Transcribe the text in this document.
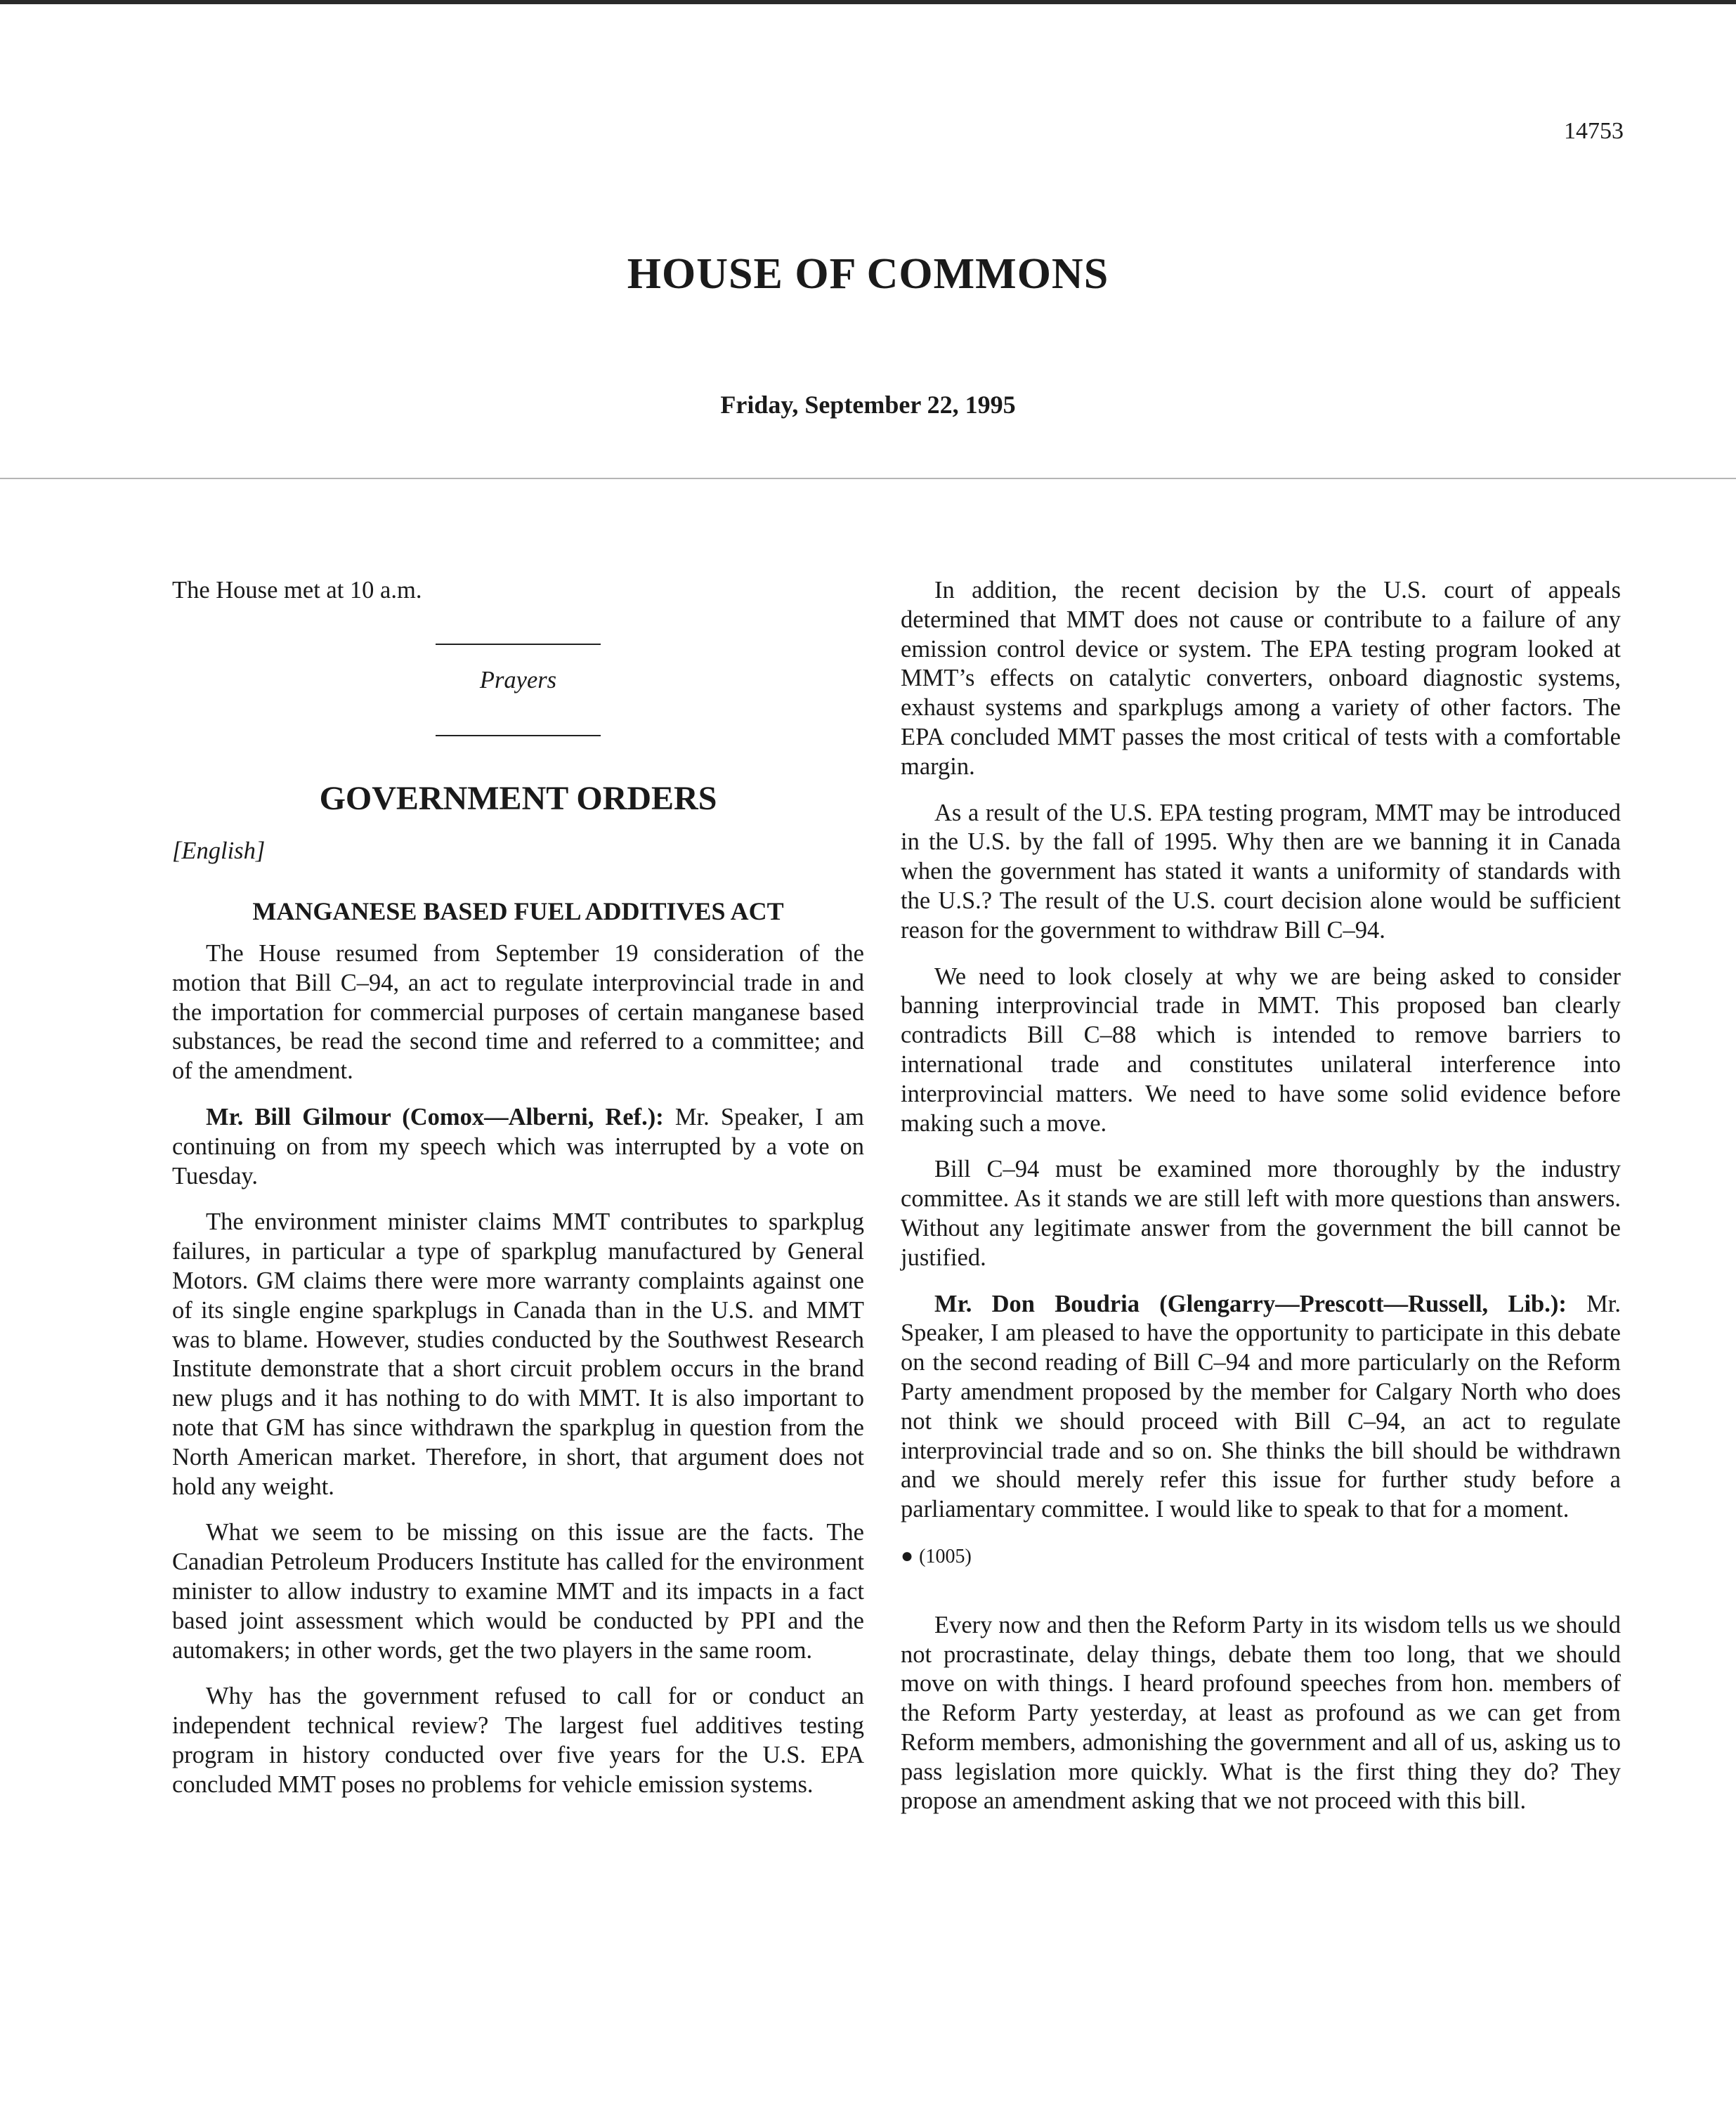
14753
HOUSE OF COMMONS
Friday, September 22, 1995

The House met at 10 a.m.

Prayers
GOVERNMENT ORDERS
[English]
MANGANESE BASED FUEL ADDITIVES ACT

The House resumed from September 19 consideration of the motion that Bill C–94, an act to regulate interprovincial trade in and the importation for commercial purposes of certain manganese based substances, be read the second time and referred to a committee; and of the amendment.

Mr. Bill Gilmour (Comox—Alberni, Ref.): Mr. Speaker, I am continuing on from my speech which was interrupted by a vote on Tuesday.

The environment minister claims MMT contributes to sparkplug failures, in particular a type of sparkplug manufactured by General Motors. GM claims there were more warranty complaints against one of its single engine sparkplugs in Canada than in the U.S. and MMT was to blame. However, studies conducted by the Southwest Research Institute demonstrate that a short circuit problem occurs in the brand new plugs and it has nothing to do with MMT. It is also important to note that GM has since withdrawn the sparkplug in question from the North American market. Therefore, in short, that argument does not hold any weight.

What we seem to be missing on this issue are the facts. The Canadian Petroleum Producers Institute has called for the environment minister to allow industry to examine MMT and its impacts in a fact based joint assessment which would be conducted by PPI and the automakers; in other words, get the two players in the same room.

Why has the government refused to call for or conduct an independent technical review? The largest fuel additives testing program in history conducted over five years for the U.S. EPA concluded MMT poses no problems for vehicle emission systems.

In addition, the recent decision by the U.S. court of appeals determined that MMT does not cause or contribute to a failure of any emission control device or system. The EPA testing program looked at MMT’s effects on catalytic converters, onboard diagnostic systems, exhaust systems and sparkplugs among a variety of other factors. The EPA concluded MMT passes the most critical of tests with a comfortable margin.

As a result of the U.S. EPA testing program, MMT may be introduced in the U.S. by the fall of 1995. Why then are we banning it in Canada when the government has stated it wants a uniformity of standards with the U.S.? The result of the U.S. court decision alone would be sufficient reason for the government to withdraw Bill C–94.

We need to look closely at why we are being asked to consider banning interprovincial trade in MMT. This proposed ban clearly contradicts Bill C–88 which is intended to remove barriers to international trade and constitutes unilateral interference into interprovincial matters. We need to have some solid evidence before making such a move.

Bill C–94 must be examined more thoroughly by the industry committee. As it stands we are still left with more questions than answers. Without any legitimate answer from the government the bill cannot be justified.

Mr. Don Boudria (Glengarry—Prescott—Russell, Lib.): Mr. Speaker, I am pleased to have the opportunity to participate in this debate on the second reading of Bill C–94 and more particularly on the Reform Party amendment proposed by the member for Calgary North who does not think we should proceed with Bill C–94, an act to regulate interprovincial trade and so on. She thinks the bill should be withdrawn and we should merely refer this issue for further study before a parliamentary committee. I would like to speak to that for a moment.

● (1005)

Every now and then the Reform Party in its wisdom tells us we should not procrastinate, delay things, debate them too long, that we should move on with things. I heard profound speeches from hon. members of the Reform Party yesterday, at least as profound as we can get from Reform members, admonishing the government and all of us, asking us to pass legislation more quickly. What is the first thing they do? They propose an amendment asking that we not proceed with this bill.
